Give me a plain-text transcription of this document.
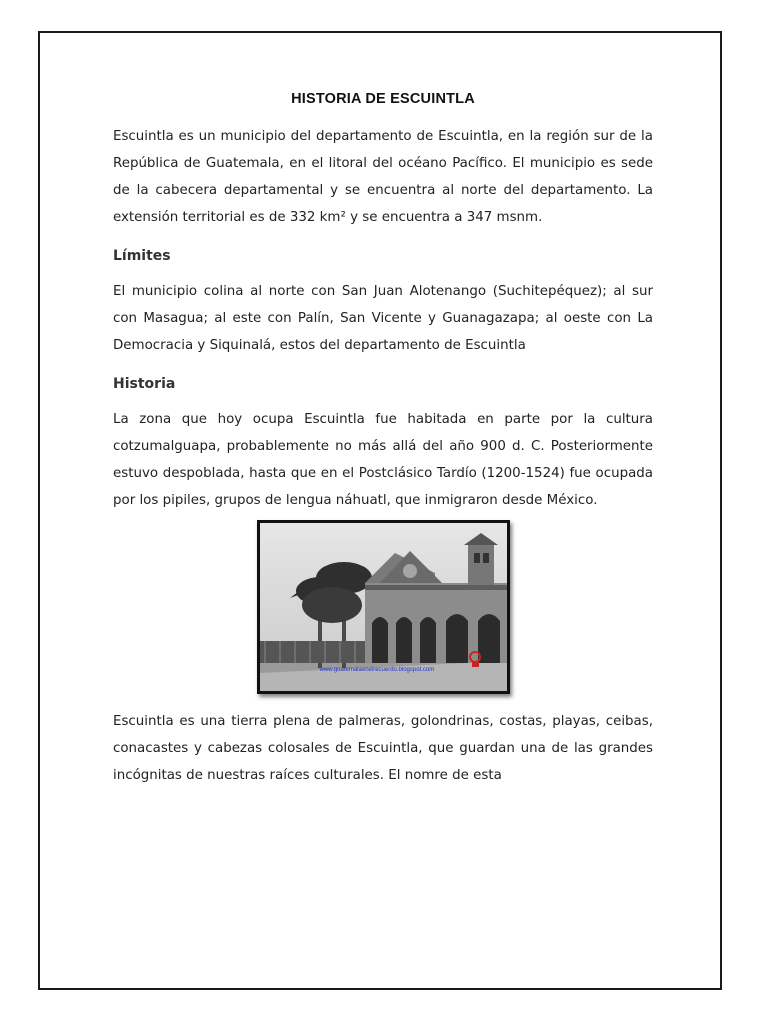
HISTORIA DE ESCUINTLA

Escuintla es un municipio del departamento de Escuintla, en la región sur de la República de Guatemala, en el litoral del océano Pacífico. El municipio es sede de la cabecera departamental y se encuentra al norte del departamento. La extensión territorial es de 332 km² y se encuentra a 347 msnm.

Límites

El municipio colina al norte con San Juan Alotenango (Suchitepéquez); al sur con Masagua; al este con Palín, San Vicente y Guanagazapa; al oeste con La Democracia y Siquinalá, estos del departamento de Escuintla

Historia

La zona que hoy ocupa Escuintla fue habitada en parte por la cultura cotzumalguapa, probablemente no más allá del año 900 d. C. Posteriormente estuvo despoblada, hasta que en el Postclásico Tardío (1200-1524) fue ocupada por los pipiles, grupos de lengua náhuatl, que inmigraron desde México.

www.guatemalaenelrecuerdo.blogspot.com

Escuintla es una tierra plena de palmeras, golondrinas, costas, playas, ceibas, conacastes y cabezas colosales de Escuintla, que guardan una de las grandes incógnitas de nuestras raíces culturales. El nomre de esta
